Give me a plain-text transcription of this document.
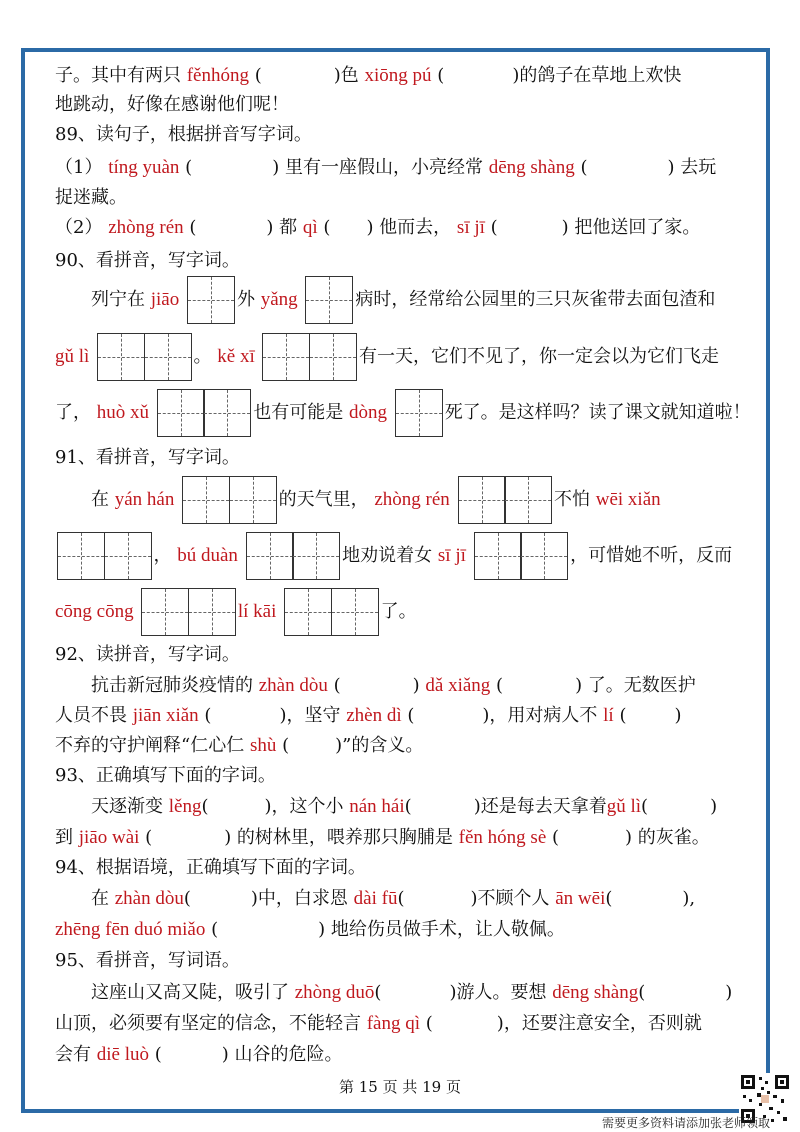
子。其中有两只 fěnhóng (	)色 xiōng pú (	)的鸽子在草地上欢快
地跳动，好像在感谢他们呢！
89、读句子，根据拼音写字词。
（1） tíng yuàn (	) 里有一座假山，小亮经常 dēng shàng (	) 去玩
捉迷藏。
（2） zhòng rén (	) 都 qì ( ) 他而去， sī jī (	) 把他送回了家。
90、看拼音，写字词。
列宁在 jiāo	外 yǎng	病时，经常给公园里的三只灰雀带去面包渣和
gǔ lì	。 kě xī	有一天，它们不见了，你一定会以为它们飞走
了， huò xǔ	也有可能是 dòng	死了。是这样吗？读了课文就知道啦！
91、看拼音，写字词。
在 yán hán	的天气里， zhòng rén	不怕 wēi xiǎn
， bú duàn	地劝说着女 sī jī	，可惜她不听，反而
cōng cōng	lí kāi	了。
92、读拼音，写字词。
抗击新冠肺炎疫情的 zhàn dòu (	) dǎ xiǎng (	) 了。无数医护
人员不畏 jiān xiǎn (	)，坚守 zhèn dì (	)，用对病人不 lí (	)
不弃的守护阐释“仁心仁 shù (	)”的含义。
93、正确填写下面的字词。
天逐渐变 lěng(	)，这个小 nán hái(	)还是每去天拿着gǔ lì(	)
到 jiāo wài (	) 的树林里，喂养那只胸脯是 fěn hóng sè (	) 的灰雀。
94、根据语境，正确填写下面的字词。
在 zhàn dòu(	)中，白求恩 dài fū(	)不顾个人 ān wēi(	),
zhēng fēn duó miǎo (	) 地给伤员做手术，让人敬佩。
95、看拼音，写词语。
这座山又高又陡，吸引了 zhòng duō(	)游人。要想 dēng shàng(	)
山顶，必须要有坚定的信念，不能轻言 fàng qì (	)，还要注意安全，否则就
会有 diē luò (	) 山谷的危险。
第 15 页 共 19 页
需要更多资料请添加张老师领取
